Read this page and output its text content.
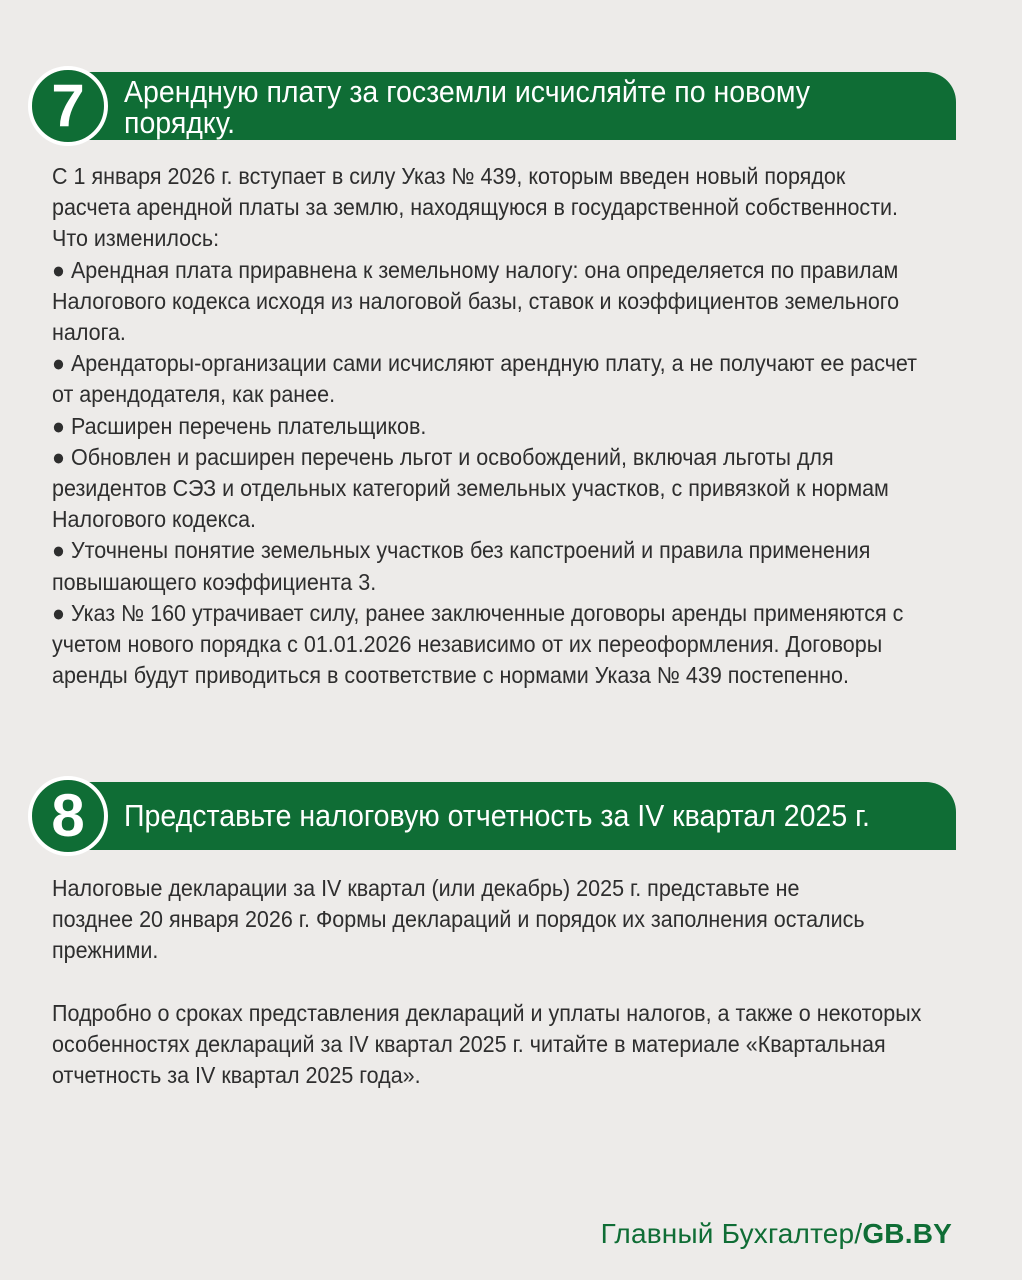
7	Арендную плату за госземли исчисляйте по новому
порядку.

С 1 января 2026 г. вступает в силу Указ № 439, которым введен новый порядок расчета арендной платы за землю, находящуюся в государственной собственности.

Что изменилось:

● Арендная плата приравнена к земельному налогу: она определяется по правилам Налогового кодекса исходя из налоговой базы, ставок и коэффициентов земельного налога.

● Арендаторы-организации сами исчисляют арендную плату, а не получают ее расчет от арендодателя, как ранее.

● Расширен перечень плательщиков.

● Обновлен и расширен перечень льгот и освобождений, включая льготы для резидентов СЭЗ и отдельных категорий земельных участков, с привязкой к нормам Налогового кодекса.

● Уточнены понятие земельных участков без капстроений и правила применения повышающего коэффициента 3.

● Указ № 160 утрачивает силу, ранее заключенные договоры аренды применяются с учетом нового порядка с 01.01.2026 независимо от их переоформления. Договоры аренды будут приводиться в соответствие с нормами Указа № 439 постепенно.

8	Представьте налоговую отчетность за IV квартал 2025 г.

Налоговые декларации за IV квартал (или декабрь) 2025 г. представьте не позднее 20 января 2026 г. Формы деклараций и порядок их заполнения остались прежними.

Подробно о сроках представления деклараций и уплаты налогов, а также о некоторых особенностях деклараций за IV квартал 2025 г. читайте в материале «Квартальная отчетность за IV квартал 2025 года».

Главный Бухгалтер/GB.BY
